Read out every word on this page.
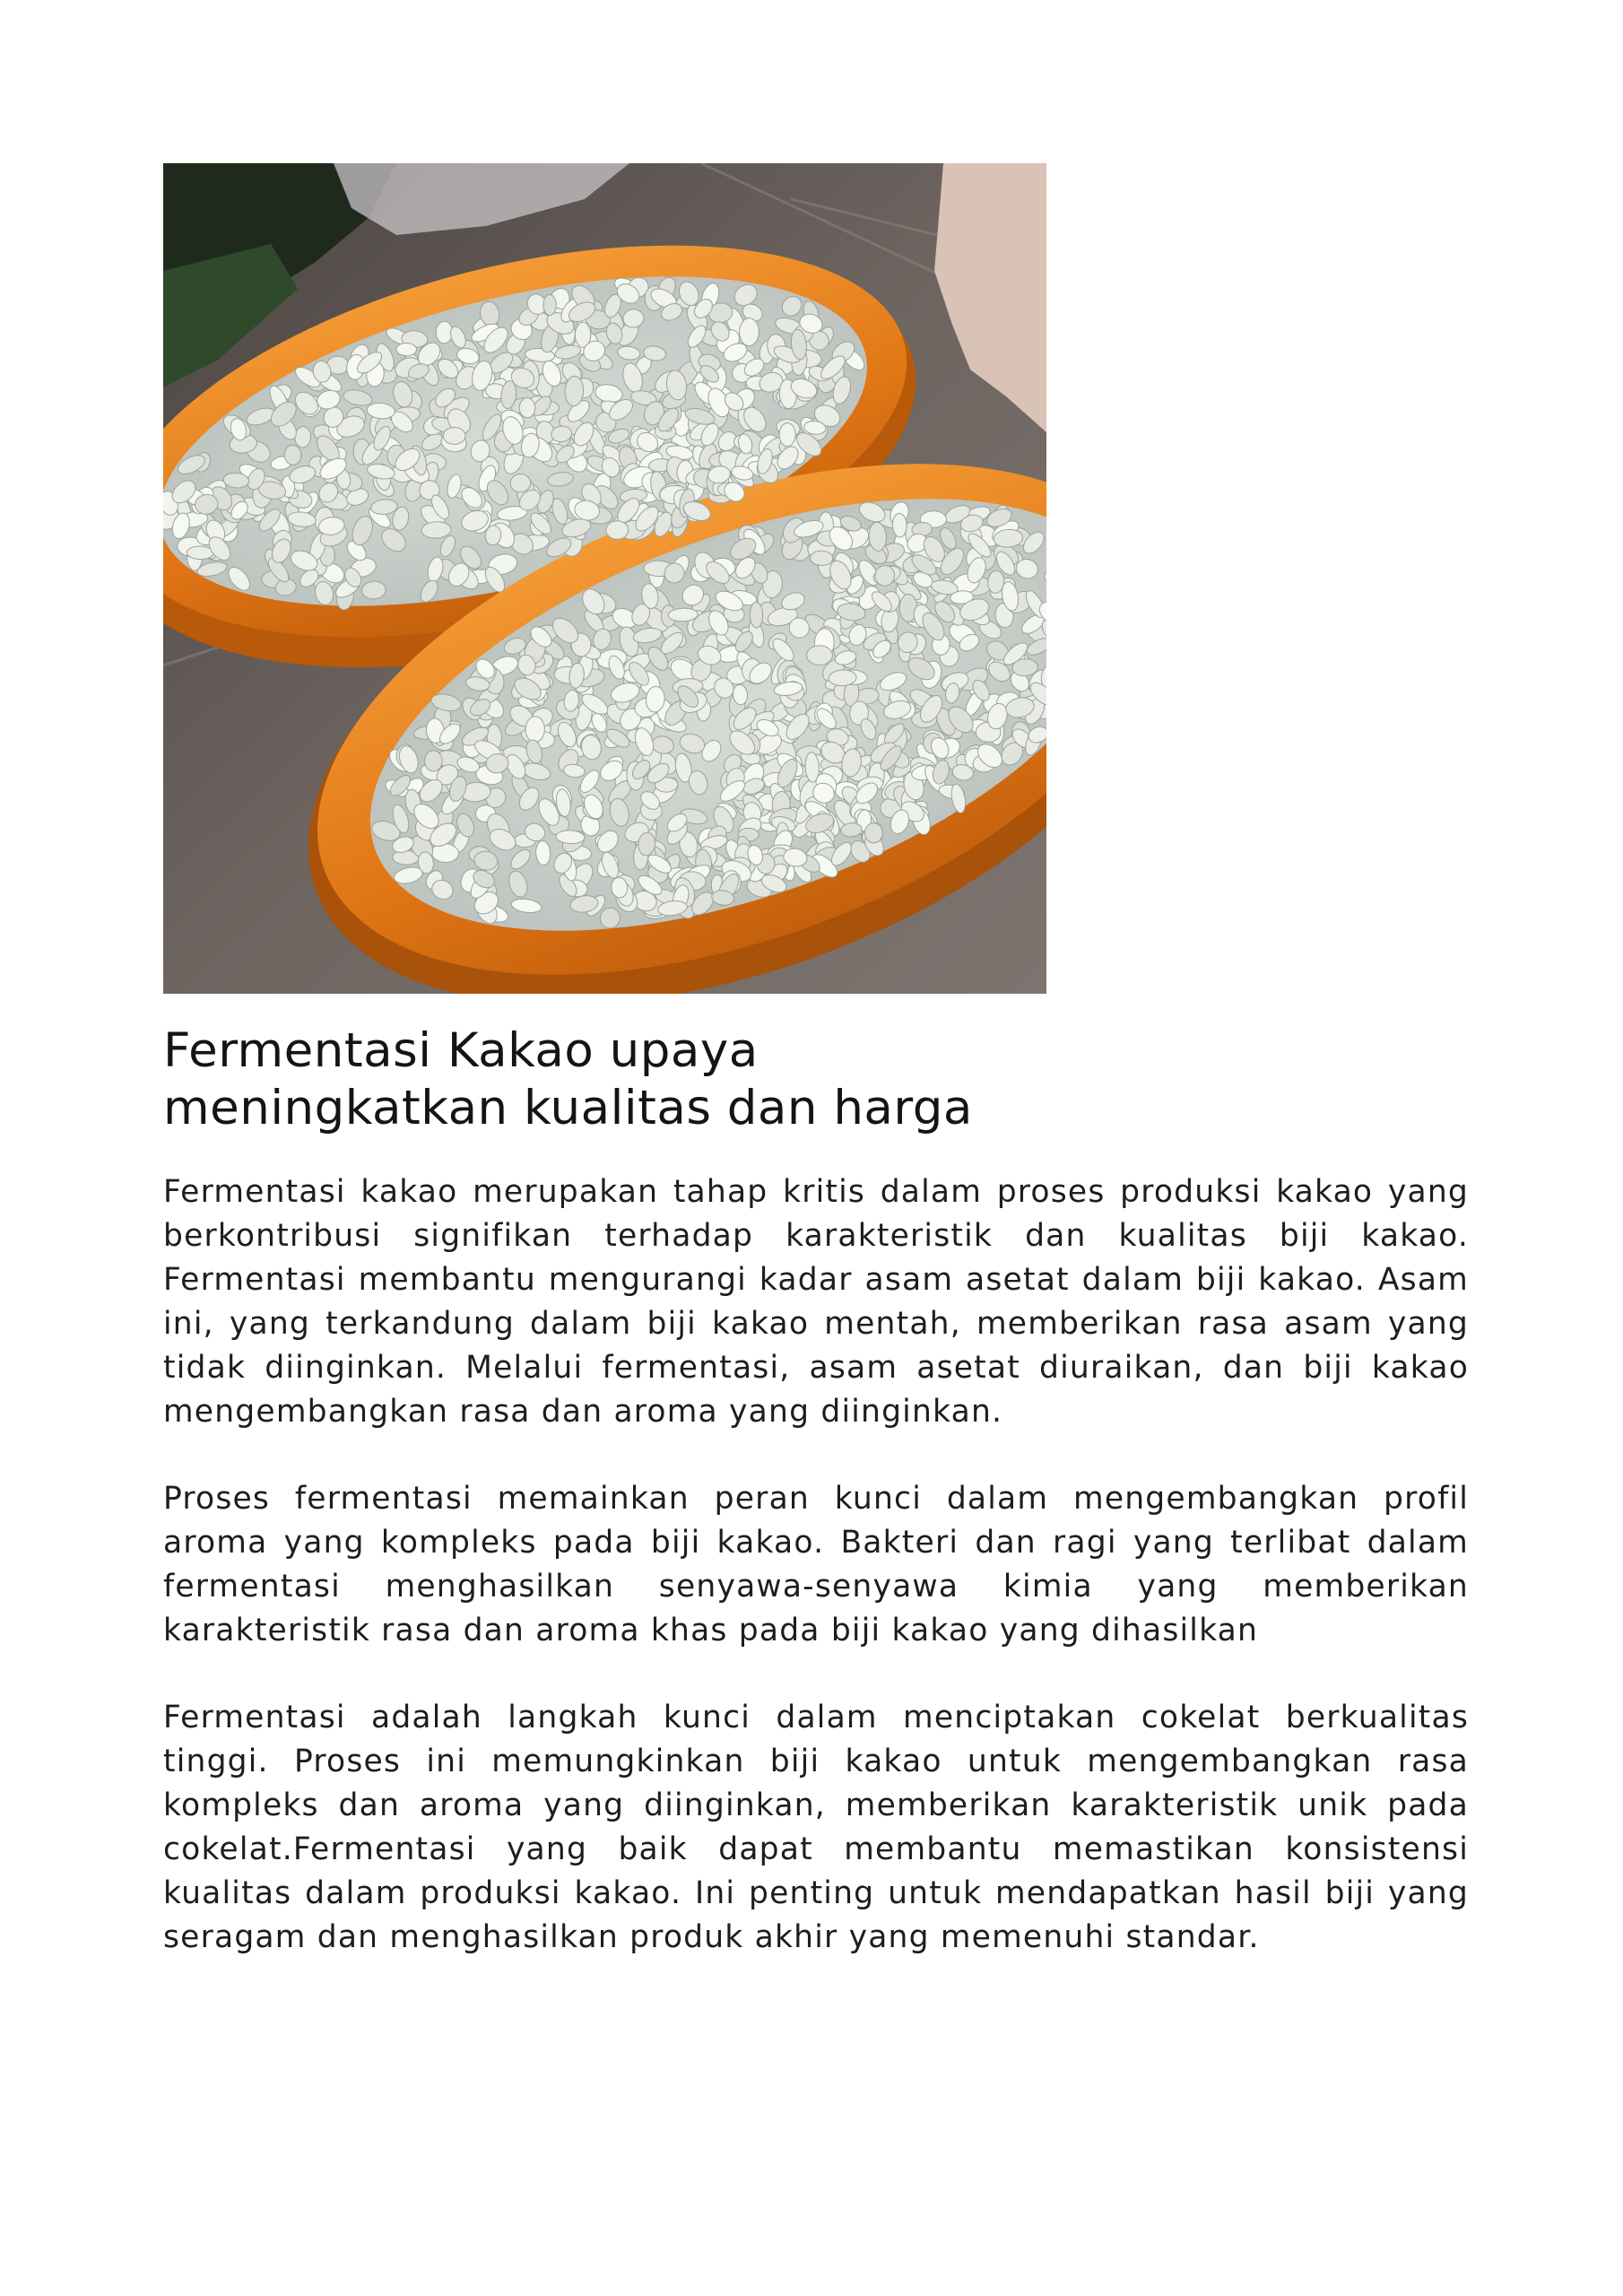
Fermentasi Kakao upaya
meningkatkan kualitas dan harga

Fermentasi kakao merupakan tahap kritis dalam proses produksi kakao yang berkontribusi signifikan terhadap karakteristik dan kualitas biji kakao. Fermentasi membantu mengurangi kadar asam asetat dalam biji kakao. Asam ini, yang terkandung dalam biji kakao mentah, memberikan rasa asam yang tidak diinginkan. Melalui fermentasi, asam asetat diuraikan, dan biji kakao mengembangkan rasa dan aroma yang diinginkan.

Proses fermentasi memainkan peran kunci dalam mengembangkan profil aroma yang kompleks pada biji kakao. Bakteri dan ragi yang terlibat dalam fermentasi menghasilkan senyawa-senyawa kimia yang memberikan karakteristik rasa dan aroma khas pada biji kakao yang dihasilkan

Fermentasi adalah langkah kunci dalam menciptakan cokelat berkualitas tinggi. Proses ini memungkinkan biji kakao untuk mengembangkan rasa kompleks dan aroma yang diinginkan, memberikan karakteristik unik pada cokelat.Fermentasi yang baik dapat membantu memastikan konsistensi kualitas dalam produksi kakao. Ini penting untuk mendapatkan hasil biji yang seragam dan menghasilkan produk akhir yang memenuhi standar.
